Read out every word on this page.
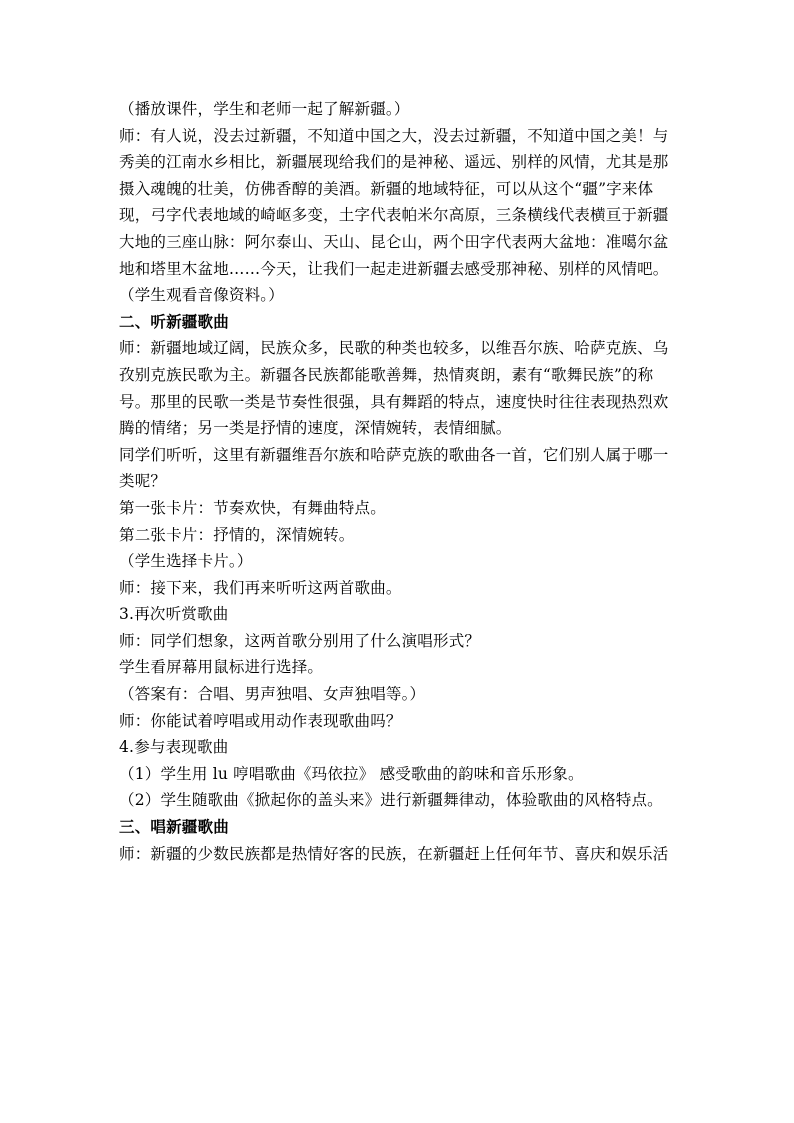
（播放课件，学生和老师一起了解新疆。）
师：有人说，没去过新疆，不知道中国之大，没去过新疆，不知道中国之美！与
秀美的江南水乡相比，新疆展现给我们的是神秘、遥远、别样的风情，尤其是那
摄入魂魄的壮美，仿佛香醇的美酒。新疆的地域特征，可以从这个“疆”字来体
现，弓字代表地域的崎岖多变，土字代表帕米尔高原，三条横线代表横亘于新疆
大地的三座山脉：阿尔泰山、天山、昆仑山，两个田字代表两大盆地：准噶尔盆
地和塔里木盆地……今天，让我们一起走进新疆去感受那神秘、别样的风情吧。
（学生观看音像资料。）
二、听新疆歌曲
师：新疆地域辽阔，民族众多，民歌的种类也较多，以维吾尔族、哈萨克族、乌
孜别克族民歌为主。新疆各民族都能歌善舞，热情爽朗，素有“歌舞民族”的称
号。那里的民歌一类是节奏性很强，具有舞蹈的特点，速度快时往往表现热烈欢
腾的情绪；另一类是抒情的速度，深情婉转，表情细腻。
同学们听听，这里有新疆维吾尔族和哈萨克族的歌曲各一首，它们别人属于哪一
类呢？
第一张卡片：节奏欢快，有舞曲特点。
第二张卡片：抒情的，深情婉转。
（学生选择卡片。）
师：接下来，我们再来听听这两首歌曲。
3.再次听赏歌曲
师：同学们想象，这两首歌分别用了什么演唱形式？
学生看屏幕用鼠标进行选择。
（答案有：合唱、男声独唱、女声独唱等。）
师：你能试着哼唱或用动作表现歌曲吗？
4.参与表现歌曲
（1）学生用 lu 哼唱歌曲《玛依拉》 感受歌曲的韵味和音乐形象。
（2）学生随歌曲《掀起你的盖头来》进行新疆舞律动，体验歌曲的风格特点。
三、唱新疆歌曲
师：新疆的少数民族都是热情好客的民族，在新疆赶上任何年节、喜庆和娱乐活
